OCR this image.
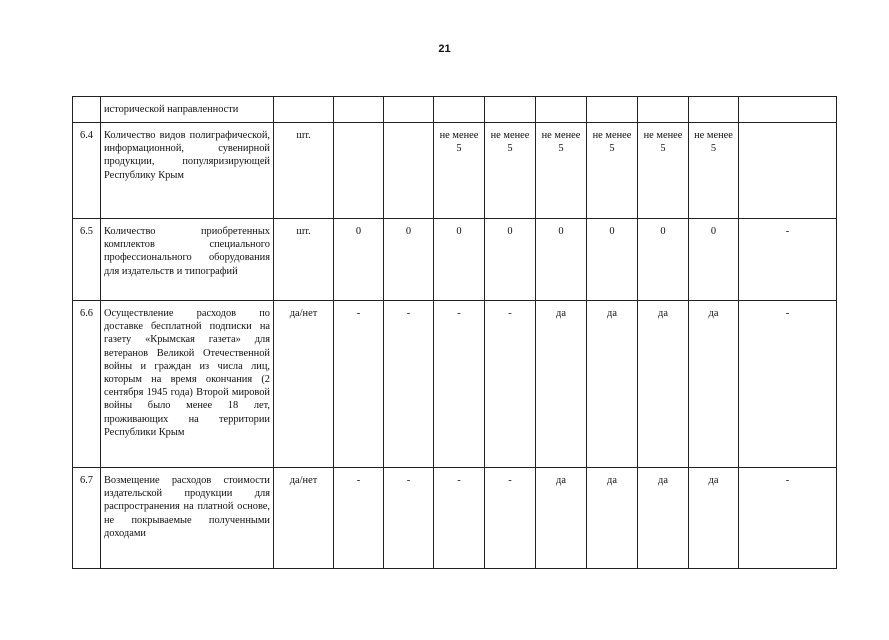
21
	исторической направленности										
6.4	Количество видов полиграфической, информационной, сувенирной продукции, популяризирующей Республику Крым	шт.			не менее 5	не менее 5	не менее 5	не менее 5	не менее 5	не менее 5	
6.5	Количество приобретенных комплектов специального профессионального оборудования для издательств и типографий	шт.	0	0	0	0	0	0	0	0	-
6.6	Осуществление расходов по доставке бесплатной подписки на газету «Крымская газета» для ветеранов Великой Отечественной войны и граждан из числа лиц, которым на время окончания (2 сентября 1945 года) Второй мировой войны было менее 18 лет, проживающих на территории Республики Крым	да/нет	-	-	-	-	да	да	да	да	-
6.7	Возмещение расходов стоимости издательской продукции для распространения на платной основе, не покрываемые полученными доходами	да/нет	-	-	-	-	да	да	да	да	-
